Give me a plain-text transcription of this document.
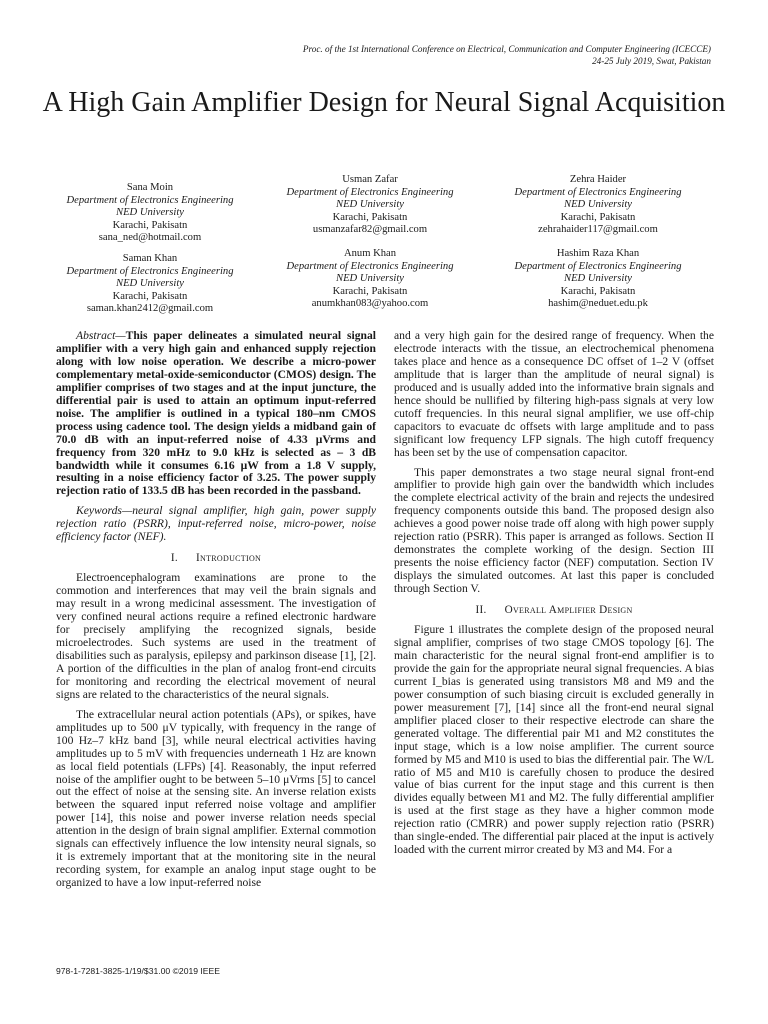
Proc. of the 1st International Conference on Electrical, Communication and Computer Engineering (ICECCE)
24-25 July 2019, Swat, Pakistan
A High Gain Amplifier Design for Neural Signal Acquisition
Sana Moin
Department of Electronics Engineering
NED University
Karachi, Pakisatn
sana_ned@hotmail.com
Usman Zafar
Department of Electronics Engineering
NED University
Karachi, Pakisatn
usmanzafar82@gmail.com
Zehra Haider
Department of Electronics Engineering
NED University
Karachi, Pakisatn
zehrahaider117@gmail.com
Saman Khan
Department of Electronics Engineering
NED University
Karachi, Pakisatn
saman.khan2412@gmail.com
Anum Khan
Department of Electronics Engineering
NED University
Karachi, Pakisatn
anumkhan083@yahoo.com
Hashim Raza Khan
Department of Electronics Engineering
NED University
Karachi, Pakisatn
hashim@neduet.edu.pk

Abstract—This paper delineates a simulated neural signal amplifier with a very high gain and enhanced supply rejection along with low noise operation. We describe a micro-power complementary metal-oxide-semiconductor (CMOS) design. The amplifier comprises of two stages and at the input juncture, the differential pair is used to attain an optimum input-referred noise. The amplifier is outlined in a typical 180–nm CMOS process using cadence tool. The design yields a midband gain of 70.0 dB with an input-referred noise of 4.33 μVrms and frequency from 320 mHz to 9.0 kHz is selected as – 3 dB bandwidth while it consumes 6.16 μW from a 1.8 V supply, resulting in a noise efficiency factor of 3.25. The power supply rejection ratio of 133.5 dB has been recorded in the passband.

Keywords—neural signal amplifier, high gain, power supply rejection ratio (PSRR), input-referred noise, micro-power, noise efficiency factor (NEF).

I. Introduction

Electroencephalogram examinations are prone to the commotion and interferences that may veil the brain signals and may result in a wrong medicinal assessment. The investigation of very confined neural actions require a refined electronic hardware for precisely amplifying the recognized signals, beside microelectrodes. Such systems are used in the treatment of disabilities such as paralysis, epilepsy and parkinson disease [1], [2]. A portion of the difficulties in the plan of analog front-end circuits for monitoring and recording the electrical movement of neural signs are related to the characteristics of the neural signals.

The extracellular neural action potentials (APs), or spikes, have amplitudes up to 500 μV typically, with frequency in the range of 100 Hz–7 kHz band [3], while neural electrical activities having amplitudes up to 5 mV with frequencies underneath 1 Hz are known as local field potentials (LFPs) [4]. Reasonably, the input referred noise of the amplifier ought to be between 5–10 μVrms [5] to cancel out the effect of noise at the sensing site. An inverse relation exists between the squared input referred noise voltage and amplifier power [14], this noise and power inverse relation needs special attention in the design of brain signal amplifier. External commotion signals can effectively influence the low intensity neural signals, so it is extremely important that at the monitoring site in the neural recording system, for example an analog input stage ought to be organized to have a low input-referred noise

and a very high gain for the desired range of frequency. When the electrode interacts with the tissue, an electrochemical phenomena takes place and hence as a consequence DC offset of 1–2 V (offset amplitude that is larger than the amplitude of neural signal) is produced and is usually added into the informative brain signals and hence should be nullified by filtering high-pass signals at very low cutoff frequencies. In this neural signal amplifier, we use off-chip capacitors to evacuate dc offsets with large amplitude and to pass significant low frequency LFP signals. The high cutoff frequency has been set by the use of compensation capacitor.

This paper demonstrates a two stage neural signal front-end amplifier to provide high gain over the bandwidth which includes the complete electrical activity of the brain and rejects the undesired frequency components outside this band. The proposed design also achieves a good power noise trade off along with high power supply rejection ratio (PSRR). This paper is arranged as follows. Section II demonstrates the complete working of the design. Section III presents the noise efficiency factor (NEF) computation. Section IV displays the simulated outcomes. At last this paper is concluded through Section V.

II. Overall Amplifier Design

Figure 1 illustrates the complete design of the proposed neural signal amplifier, comprises of two stage CMOS topology [6]. The main characteristic for the neural signal front-end amplifier is to provide the gain for the appropriate neural signal frequencies. A bias current I_bias is generated using transistors M8 and M9 and the power consumption of such biasing circuit is excluded generally in power measurement [7], [14] since all the front-end neural signal amplifier placed closer to their respective electrode can share the generated voltage. The differential pair M1 and M2 constitutes the input stage, which is a low noise amplifier. The current source formed by M5 and M10 is used to bias the differential pair. The W/L ratio of M5 and M10 is carefully chosen to produce the desired value of bias current for the input stage and this current is then divides equally between M1 and M2. The fully differential amplifier is used at the first stage as they have a higher common mode rejection ratio (CMRR) and power supply rejection ratio (PSRR) than single-ended. The differential pair placed at the input is actively loaded with the current mirror created by M3 and M4. For a

978-1-7281-3825-1/19/$31.00 ©2019 IEEE
